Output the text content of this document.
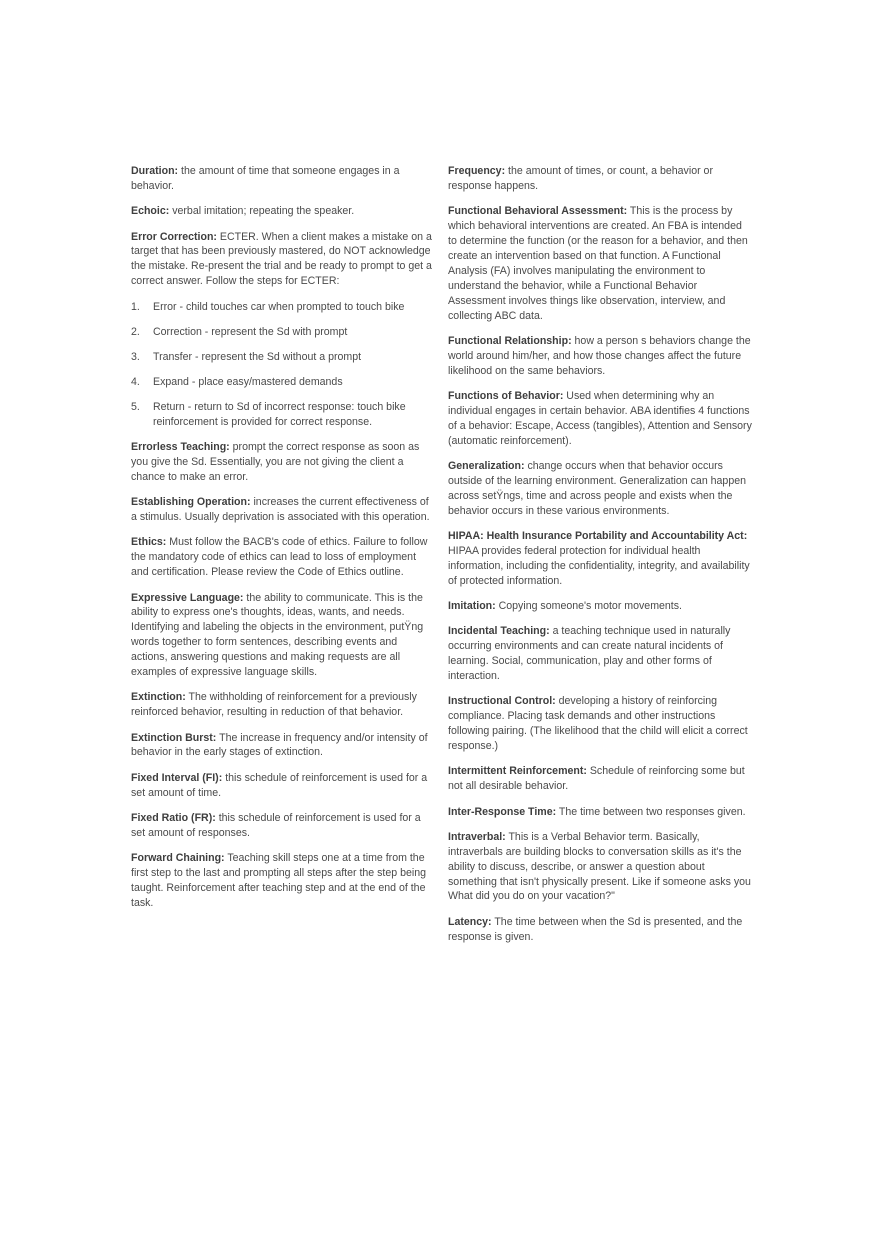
Duration: the amount of time that someone engages in a behavior.

Echoic: verbal imitation; repeating the speaker.

Error Correction: ECTER. When a client makes a mistake on a target that has been previously mastered, do NOT acknowledge the mistake. Re-present the trial and be ready to prompt to get a correct answer. Follow the steps for ECTER:

1. Error - child touches car when prompted to touch bike
2. Correction - represent the Sd with prompt
3. Transfer - represent the Sd without a prompt
4. Expand - place easy/mastered demands
5. Return - return to Sd of incorrect response: touch bike reinforcement is provided for correct response.

Errorless Teaching: prompt the correct response as soon as you give the Sd. Essentially, you are not giving the client a chance to make an error.

Establishing Operation: increases the current effectiveness of a stimulus. Usually deprivation is associated with this operation.

Ethics: Must follow the BACB's code of ethics. Failure to follow the mandatory code of ethics can lead to loss of employment and certification. Please review the Code of Ethics outline.

Expressive Language: the ability to communicate. This is the ability to express one's thoughts, ideas, wants, and needs. Identifying and labeling the objects in the environment, putŸng words together to form sentences, describing events and actions, answering questions and making requests are all examples of expressive language skills.

Extinction: The withholding of reinforcement for a previously reinforced behavior, resulting in reduction of that behavior.

Extinction Burst: The increase in frequency and/or intensity of behavior in the early stages of extinction.

Fixed Interval (FI): this schedule of reinforcement is used for a set amount of time.

Fixed Ratio (FR): this schedule of reinforcement is used for a set amount of responses.

Forward Chaining: Teaching skill steps one at a time from the first step to the last and prompting all steps after the step being taught. Reinforcement after teaching step and at the end of the task.

Frequency: the amount of times, or count, a behavior or response happens.

Functional Behavioral Assessment: This is the process by which behavioral interventions are created. An FBA is intended to determine the function (or the reason for a behavior, and then create an intervention based on that function. A Functional Analysis (FA) involves manipulating the environment to understand the behavior, while a Functional Behavior Assessment involves things like observation, interview, and collecting ABC data.

Functional Relationship: how a person s behaviors change the world around him/her, and how those changes affect the future likelihood on the same behaviors.

Functions of Behavior: Used when determining why an individual engages in certain behavior. ABA identifies 4 functions of a behavior: Escape, Access (tangibles), Attention and Sensory (automatic reinforcement).

Generalization: change occurs when that behavior occurs outside of the learning environment. Generalization can happen across setŸngs, time and across people and exists when the behavior occurs in these various environments.

HIPAA: Health Insurance Portability and Accountability Act: HIPAA provides federal protection for individual health information, including the confidentiality, integrity, and availability of protected information.

Imitation: Copying someone's motor movements.

Incidental Teaching: a teaching technique used in naturally occurring environments and can create natural incidents of learning. Social, communication, play and other forms of interaction.

Instructional Control: developing a history of reinforcing compliance. Placing task demands and other instructions following pairing. (The likelihood that the child will elicit a correct response.)

Intermittent Reinforcement: Schedule of reinforcing some but not all desirable behavior.

Inter-Response Time: The time between two responses given.

Intraverbal: This is a Verbal Behavior term. Basically, intraverbals are building blocks to conversation skills as it's the ability to discuss, describe, or answer a question about something that isn't physically present. Like if someone asks you What did you do on your vacation?"

Latency: The time between when the Sd is presented, and the response is given.
